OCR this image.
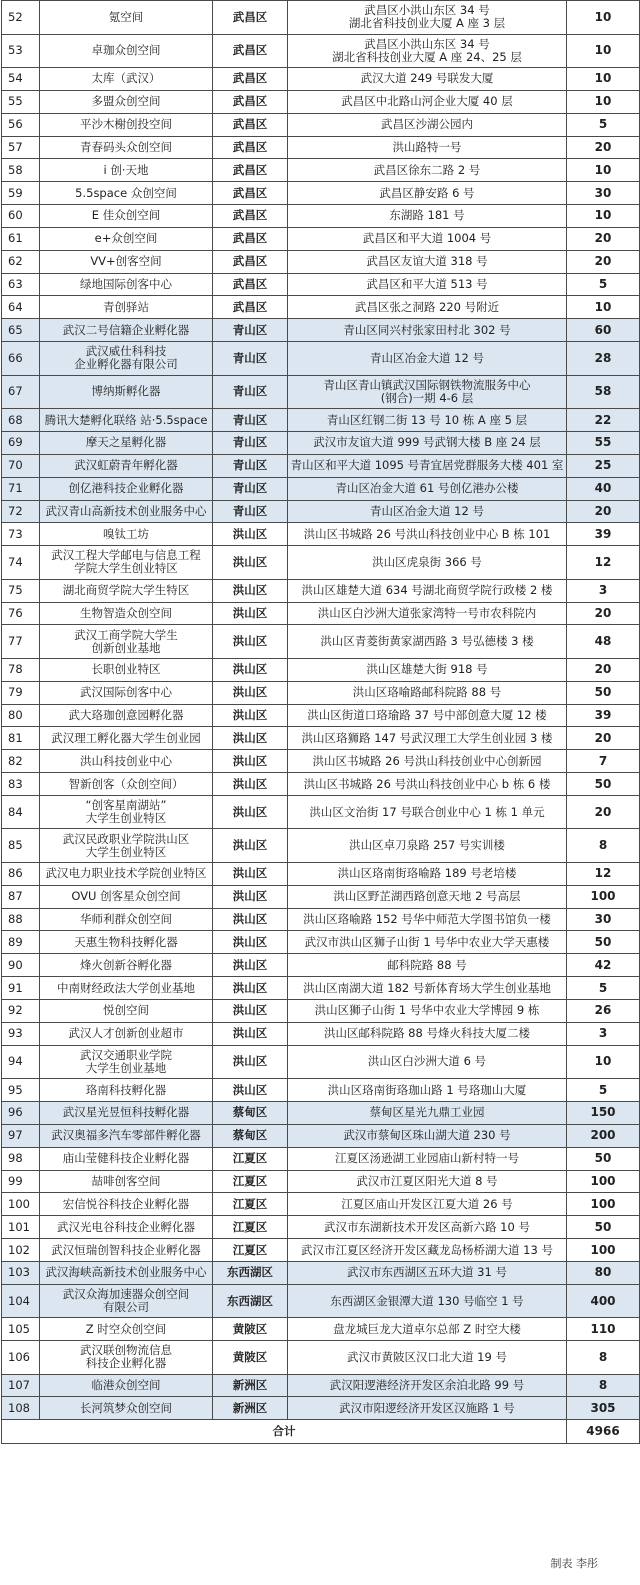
52	氪空间	武昌区	武昌区小洪山东区 34 号
湖北省科技创业大厦 A 座 3 层	10
53	卓珈众创空间	武昌区	武昌区小洪山东区 34 号
湖北省科技创业大厦 A 座 24、25 层	10
54	太库（武汉）	武昌区	武汉大道 249 号联发大厦	10
55	多盟众创空间	武昌区	武昌区中北路山河企业大厦 40 层	10
56	平沙木榭创投空间	武昌区	武昌区沙湖公园内	5
57	青春码头众创空间	武昌区	洪山路特一号	20
58	i 创·天地	武昌区	武昌区徐东二路 2 号	10
59	5.5space 众创空间	武昌区	武昌区静安路 6 号	30
60	E 佳众创空间	武昌区	东湖路 181 号	10
61	e+众创空间	武昌区	武昌区和平大道 1004 号	20
62	VV+创客空间	武昌区	武昌区友谊大道 318 号	20
63	绿地国际创客中心	武昌区	武昌区和平大道 513 号	5
64	青创驿站	武昌区	武昌区张之洞路 220 号附近	10
65	武汉二号信籍企业孵化器	青山区	青山区同兴村张家田村北 302 号	60
66	武汉威仕科科技
企业孵化器有限公司	青山区	青山区冶金大道 12 号	28
67	博纳斯孵化器	青山区	青山区青山镇武汉国际钢铁物流服务中心
(钢合)一期 4-6 层	58
68	腾讯大楚孵化联络 站·5.5space	青山区	青山区红钢二街 13 号 10 栋 A 座 5 层	22
69	摩天之星孵化器	青山区	武汉市友谊大道 999 号武钢大楼 B 座 24 层	55
70	武汉虹蔚青年孵化器	青山区	青山区和平大道 1095 号青宜居党群服务大楼 401 室	25
71	创亿港科技企业孵化器	青山区	青山区冶金大道 61 号创亿港办公楼	40
72	武汉青山高新技术创业服务中心	青山区	青山区冶金大道 12 号	20
73	嗅钛工坊	洪山区	洪山区书城路 26 号洪山科技创业中心 B 栋 101	39
74	武汉工程大学邮电与信息工程
学院大学生创业特区	洪山区	洪山区虎泉街 366 号	12
75	湖北商贸学院大学生特区	洪山区	洪山区雄楚大道 634 号湖北商贸学院行政楼 2 楼	3
76	生物智造众创空间	洪山区	洪山区白沙洲大道张家湾特一号市农科院内	20
77	武汉工商学院大学生
创新创业基地	洪山区	洪山区青菱街黄家湖西路 3 号弘德楼 3 楼	48
78	长职创业特区	洪山区	洪山区雄楚大街 918 号	20
79	武汉国际创客中心	洪山区	洪山区珞喻路邮科院路 88 号	50
80	武大珞珈创意园孵化器	洪山区	洪山区街道口珞瑜路 37 号中部创意大厦 12 楼	39
81	武汉理工孵化器大学生创业园	洪山区	洪山区珞狮路 147 号武汉理工大学生创业园 3 楼	20
82	洪山科技创业中心	洪山区	洪山区书城路 26 号洪山科技创业中心创新园	7
83	智新创客（众创空间）	洪山区	洪山区书城路 26 号洪山科技创业中心 b 栋 6 楼	50
84	“创客星南湖站”
大学生创业特区	洪山区	洪山区文治街 17 号联合创业中心 1 栋 1 单元	20
85	武汉民政职业学院洪山区
大学生创业特区	洪山区	洪山区卓刀泉路 257 号实训楼	8
86	武汉电力职业技术学院创业特区	洪山区	洪山区珞南街珞喻路 189 号老培楼	12
87	OVU 创客星众创空间	洪山区	洪山区野芷湖西路创意天地 2 号高层	100
88	华师利群众创空间	洪山区	洪山区珞喻路 152 号华中师范大学图书馆负一楼	30
89	天惠生物科技孵化器	洪山区	武汉市洪山区狮子山街 1 号华中农业大学天惠楼	50
90	烽火创新谷孵化器	洪山区	邮科院路 88 号	42
91	中南财经政法大学创业基地	洪山区	洪山区南湖大道 182 号新体育场大学生创业基地	5
92	悦创空间	洪山区	洪山区狮子山街 1 号华中农业大学博园 9 栋	26
93	武汉人才创新创业超市	洪山区	洪山区邮科院路 88 号烽火科技大厦二楼	3
94	武汉交通职业学院
大学生创业基地	洪山区	洪山区白沙洲大道 6 号	10
95	珞南科技孵化器	洪山区	洪山区珞南街珞珈山路 1 号珞珈山大厦	5
96	武汉星光昱恒科技孵化器	蔡甸区	蔡甸区星光九鼎工业园	150
97	武汉奥福多汽车零部件孵化器	蔡甸区	武汉市蔡甸区珠山湖大道 230 号	200
98	庙山莹健科技企业孵化器	江夏区	江夏区汤逊湖工业园庙山新村特一号	50
99	喆啡创客空间	江夏区	武汉市江夏区阳光大道 8 号	100
100	宏信悦谷科技企业孵化器	江夏区	江夏区庙山开发区江夏大道 26 号	100
101	武汉光电谷科技企业孵化器	江夏区	武汉市东湖新技术开发区高新六路 10 号	50
102	武汉恒瑞创智科技企业孵化器	江夏区	武汉市江夏区经济开发区藏龙岛杨桥湖大道 13 号	100
103	武汉海峡高新技术创业服务中心	东西湖区	武汉市东西湖区五环大道 31 号	80
104	武汉众海加速器众创空间
有限公司	东西湖区	东西湖区金银潭大道 130 号临空 1 号	400
105	Z 时空众创空间	黄陂区	盘龙城巨龙大道卓尔总部 Z 时空大楼	110
106	武汉联创物流信息
科技企业孵化器	黄陂区	武汉市黄陂区汉口北大道 19 号	8
107	临港众创空间	新洲区	武汉阳逻港经济开发区余泊北路 99 号	8
108	长河筑梦众创空间	新洲区	武汉市阳逻经济开发区汉施路 1 号	305
合计				4966
制表 李彤
